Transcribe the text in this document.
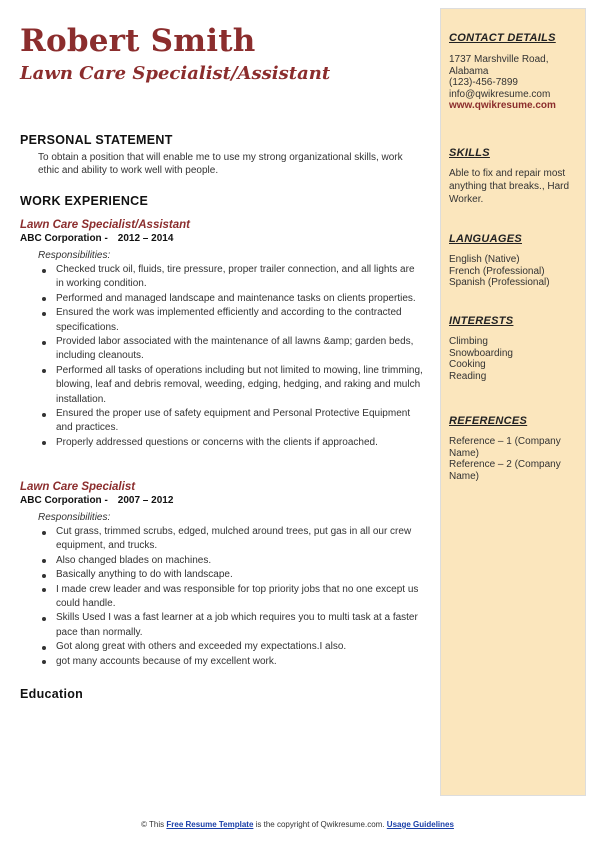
Robert Smith
Lawn Care Specialist/Assistant
PERSONAL STATEMENT
To obtain a position that will enable me to use my strong organizational skills, work ethic and ability to work well with people.
WORK EXPERIENCE
Lawn Care Specialist/Assistant
ABC Corporation - 2012 – 2014
Responsibilities:
Checked truck oil, fluids, tire pressure, proper trailer connection, and all lights are in working condition.
Performed and managed landscape and maintenance tasks on clients properties.
Ensured the work was implemented efficiently and according to the contracted specifications.
Provided labor associated with the maintenance of all lawns &amp; garden beds, including cleanouts.
Performed all tasks of operations including but not limited to mowing, line trimming, blowing, leaf and debris removal, weeding, edging, hedging, and raking and mulch installation.
Ensured the proper use of safety equipment and Personal Protective Equipment and practices.
Properly addressed questions or concerns with the clients if approached.
Lawn Care Specialist
ABC Corporation - 2007 – 2012
Responsibilities:
Cut grass, trimmed scrubs, edged, mulched around trees, put gas in all our crew equipment, and trucks.
Also changed blades on machines.
Basically anything to do with landscape.
I made crew leader and was responsible for top priority jobs that no one except us could handle.
Skills Used I was a fast learner at a job which requires you to multi task at a faster pace than normally.
Got along great with others and exceeded my expectations.I also.
got many accounts because of my excellent work.
Education
CONTACT DETAILS
1737 Marshville Road,
Alabama
(123)-456-7899
info@qwikresume.com
www.qwikresume.com
SKILLS
Able to fix and repair most anything that breaks., Hard Worker.
LANGUAGES
English (Native)
French (Professional)
Spanish (Professional)
INTERESTS
Climbing
Snowboarding
Cooking
Reading
REFERENCES
Reference – 1 (Company Name)
Reference – 2 (Company Name)
© This Free Resume Template is the copyright of Qwikresume.com. Usage Guidelines
